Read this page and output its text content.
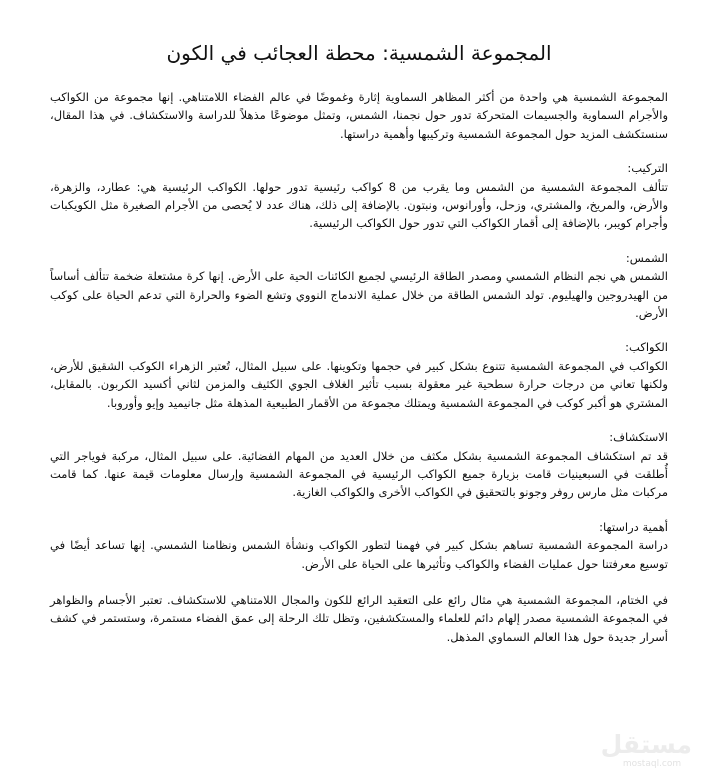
المجموعة الشمسية: محطة العجائب في الكون

المجموعة الشمسية هي واحدة من أكثر المظاهر السماوية إثارة وغموضًا في عالم الفضاء اللامتناهي. إنها مجموعة من الكواكب والأجرام السماوية والجسيمات المتحركة تدور حول نجمنا، الشمس، وتمثل موضوعًا مذهلاً للدراسة والاستكشاف. في هذا المقال، سنستكشف المزيد حول المجموعة الشمسية وتركيبها وأهمية دراستها.

التركيب:

تتألف المجموعة الشمسية من الشمس وما يقرب من 8 كواكب رئيسية تدور حولها. الكواكب الرئيسية هي: عطارد، والزهرة، والأرض، والمريخ، والمشتري، وزحل، وأورانوس، ونبتون. بالإضافة إلى ذلك، هناك عدد لا يُحصى من الأجرام الصغيرة مثل الكويكبات وأجرام كويبر، بالإضافة إلى أقمار الكواكب التي تدور حول الكواكب الرئيسية.

الشمس:

الشمس هي نجم النظام الشمسي ومصدر الطاقة الرئيسي لجميع الكائنات الحية على الأرض. إنها كرة مشتعلة ضخمة تتألف أساساً من الهيدروجين والهيليوم. تولد الشمس الطاقة من خلال عملية الاندماج النووي وتشع الضوء والحرارة التي تدعم الحياة على كوكب الأرض.

الكواكب:

الكواكب في المجموعة الشمسية تتنوع بشكل كبير في حجمها وتكوينها. على سبيل المثال، تُعتبر الزهراء الكوكب الشقيق للأرض، ولكنها تعاني من درجات حرارة سطحية غير معقولة بسبب تأثير الغلاف الجوي الكثيف والمزمن لثاني أكسيد الكربون. بالمقابل، المشتري هو أكبر كوكب في المجموعة الشمسية ويمتلك مجموعة من الأقمار الطبيعية المذهلة مثل جانيميد وإيو وأوروبا.

الاستكشاف:

قد تم استكشاف المجموعة الشمسية بشكل مكثف من خلال العديد من المهام الفضائية. على سبيل المثال، مركبة فوياجر التي أُطلقت في السبعينيات قامت بزيارة جميع الكواكب الرئيسية في المجموعة الشمسية وإرسال معلومات قيمة عنها. كما قامت مركبات مثل مارس روفر وجونو بالتحقيق في الكواكب الأخرى والكواكب الغازية.

أهمية دراستها:

دراسة المجموعة الشمسية تساهم بشكل كبير في فهمنا لتطور الكواكب ونشأة الشمس ونظامنا الشمسي. إنها تساعد أيضًا في توسيع معرفتنا حول عمليات الفضاء والكواكب وتأثيرها على الحياة على الأرض.

في الختام، المجموعة الشمسية هي مثال رائع على التعقيد الرائع للكون والمجال اللامتناهي للاستكشاف. تعتبر الأجسام والظواهر في المجموعة الشمسية مصدر إلهام دائم للعلماء والمستكشفين، وتظل تلك الرحلة إلى عمق الفضاء مستمرة، وستستمر في كشف أسرار جديدة حول هذا العالم السماوي المذهل.

مستقل
mostaql.com
